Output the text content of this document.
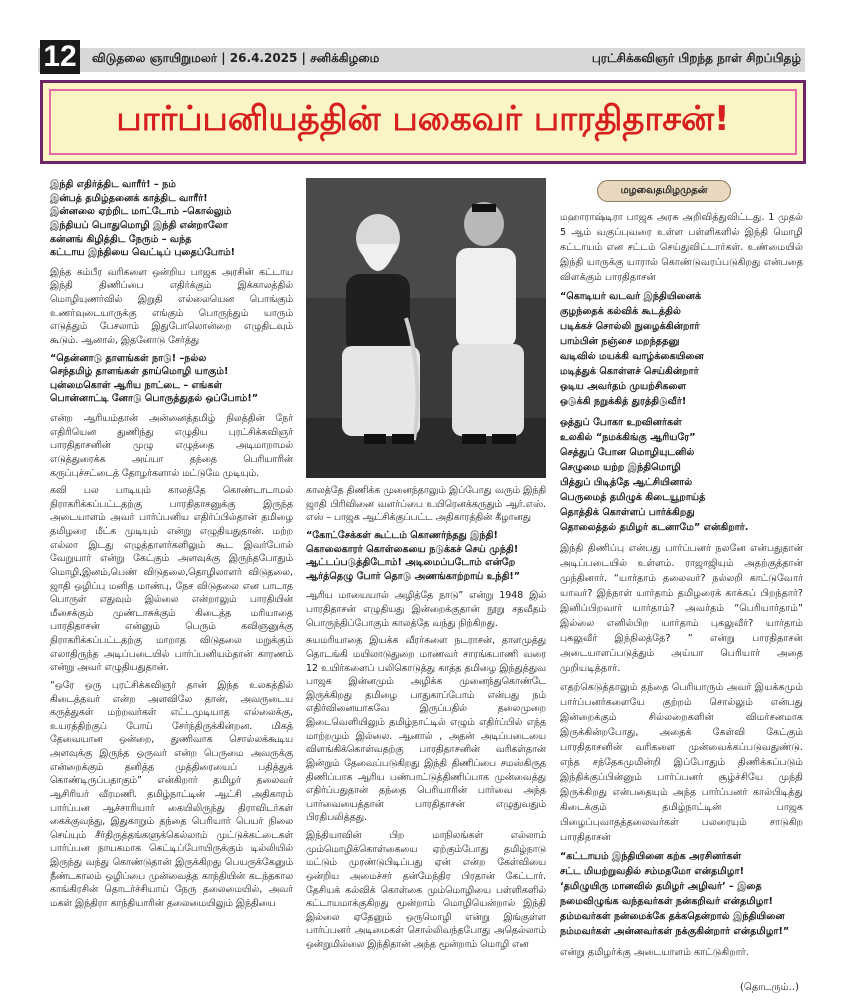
12 விடுதலை ஞாயிறுமலர் | 26.4.2025 | சனிக்கிழமை	புரட்சிக்கவிஞர் பிறந்த நாள் சிறப்பிதழ்
பார்ப்பனியத்தின் பகைவர் பாரதிதாசன்!
இந்தி எதிர்த்திட வாரீர்! – நம்
இன்பத் தமிழ்தனைக் காத்திட வாரீர்!
இன்னலை ஏற்றிட மாட்டோம் –கொல்லும்
இந்தியப் பொதுமொழி இந்தி என்றாலோ
கன்னங் கிழித்திட நேரும் – வந்த
கட்டாய இந்தியை வெட்டிப் புதைப்போம்!

இந்த கம்பீர வரிகளை ஒன்றிய பாஜக அரசின் கட்டாய இந்தி திணிப்பை எதிர்க்கும் இக்காலத்தில் மொழியுணர்வில் இறுதி எல்லையென பொங்கும் உணர்வுடையாருக்கு எங்கும் பொருந்தும் யாரும் எடுத்தும் பேசலாம் இதுபோலொன்றை எழுதிடவும் கூடும். ஆனால், இதனோடு சேர்த்து

“தென்னாடு தாளங்கள் நாடு! –நல்ல
செந்தமிழ் தாளங்கள் தாய்மொழி யாகும்!
புன்மைகொள் ஆரிய நாட்டை – எங்கள்
பொன்னாட்டி னோடு பொருத்துதல் ஒப்போம்!”

என்ற ஆரியம்தான் அன்னைத்தமிழ் நிலத்தின் நேர் எதிரியென துணிந்து எழுதிய புரட்சிக்கவிஞர் பாரதிதாசனின் முழு எழுத்தை அடிமாறாமல் எடுத்துரைக்க அய்யா தந்தை பெரியாரின் கருப்புச்சட்டைத் தோழர்களால் மட்டுமே முடியும்.

கவி பல பாடியும் காலத்தே கொண்டாடாமல் நிராகரிக்கப்பட்டதற்கு பாரதிதாசனுக்கு இருந்த அடையாளம் அவர் பார்ப்பனிய எதிர்ப்பில்தான் தமிழை தமிழரை மீட்க முடியும் என்று எழுதியதுதான். மற்ற எல்லா இடது எழுத்தாளர்களிலும் கூட இவர்போல் வேறுயார் என்று கேட்கும் அளவுக்கு இருந்தபோதும் மொழி,இனம்,பெண் விடுதலை,தொழிலாளர் விடுதலை, ஜாதி ஒழிப்பு மனித மாண்பு, நேச விடுதலை என பாடாத பொருள் எதுவும் இல்லை என்றாலும் பாரதியின் மீசைக்கும் முண்டாசுக்கும் கிடைத்த மரியாதை பாரதிதாசன் என்னும் பெரும் கவிஞனுக்கு நிராகரிக்கப்பட்டதற்கு மாறாத விடுதலை மறுக்கும் எலாதிருந்த அடிப்படையில் பார்ப்பனியம்தான் காரணம் என்று அவர் எழுதியதுதான்.

“ஒரே ஒரு புரட்சிக்கவிஞர் தான் இந்த உலகத்தில் கிடைத்தவர் என்ற அளவிலே தான், அவருடைய கருத்துகள் மற்றவர்கள் எட்டமுடியாத எல்லைக்கு, உயரத்திற்குப் போய் சேர்ந்திருக்கின்றன. மிகத் தேவையான ஒன்றை, துணிவாக சொல்லக்கூடிய அளவுக்கு இருந்த ஒருவர் என்ற பெருமை அவருக்கு என்றைக்கும் தனித்த முத்திரையைப் பதித்துக் கொண்டிருப்பதாகும்” என்கிறார் தமிழர் தலைவர் ஆசிரியர் வீரமணி. தமிழ்நாட்டின் ஆட்சி அதிகாரம் பார்ப்பன ஆச்சாரியார் கையிலிருந்து திராவிடர்கள் கைக்குவந்து, இதுகாறும் தந்தை பெரியார் பெயர் நிலை செய்யும் சீர்திருத்தங்களுக்கெல்லாம் முட்டுக்கட்டைகள் பார்ப்பன நாயகமாக கெட்டிப்போயிருக்கும் டில்லியில் இருந்து வந்து கொண்டுதான் இருக்கிறது பெயருக்கேனும் நீண்டகாலம் ஒழிப்பை முன்வைத்த காந்தியின் கடந்தகால காங்கிரசின் தொடர்ச்சியாய் நேரு தலைமையில், அவர் மகள் இந்திரா காந்தியாரின் தலைமையிலும் இந்தியை

காலத்தே திணிக்க முனைந்தாலும் இப்போது வரும் இந்தி ஜாதி பிரிவினை வளர்ப்பை உயிரெனக்கருதும் ஆர்.எஸ். எஸ் – பாஜக ஆட்சிக்குப்பட்ட அதிகாரத்தின் கீழானது

“கோட்சேக்கள் கூட்டம் கொணர்ந்தது இந்தி!
கொலைகாரர் கொள்கையை நடுக்கச் செய் முந்தி!
ஆட்டப்படுத்திடோம்! அடிமைப்படோம் என்றே
ஆர்த்தெழு போர் தொடு அணங்காற்றாய் உந்தி!”

ஆரிய மாயையால் அழித்தே நாடு” என்று 1948 இல் பாரதிதாசன் எழுதியது இன்றைக்குதான் நூறு சதவீதம் பொருந்திப்போகும் காலத்தே வந்து நிற்கிறது.

சுயமரியாதை இயக்க வீரர்களை நடராசன், தாளமுத்து தொடங்கி மயிலாடுதுறை மாணவர் சாரங்கபாணி வரை 12 உயிர்களைப் பலிகொடுத்து காத்த தமிழை இந்துத்துவ பாஜக இன்னமும் அழிக்க முனைந்துகொண்டே இருக்கிறது தமிழை பாதுகாப்போம் என்பது நம் எதிர்வினையாகவே இருப்பதில் தலைமுறை இடைவெளியிலும் தமிழ்நாட்டில் எழும் எதிர்ப்பில் எந்த மாற்றமும் இல்லை. ஆனால் , அதன் அடிப்படையை விளங்கிக்கொள்வதற்கு பாரதிதாசனின் வரிகள்தான் இன்றும் தேவைப்படுகிறது இந்தி திணிப்பை சமஸ்கிருத திணிப்பாக ஆரிய பண்பாட்டுத்திணிப்பாக முன்வைத்து எதிர்ப்பதுதான் தந்தை பெரியாரின் பார்வை அந்த பார்வையைத்தான் பாரதிதாசன் எழுதுவதும் பிரதிபலித்தது.

இந்தியாவின் பிற மாநிலங்கள் எல்லாம் மும்மொழிக்கொள்கையை ஏற்கும்போது தமிழ்நாடு மட்டும் முரண்டுபிடிப்பது ஏன் என்ற கேள்வியை ஒன்றிய அமைச்சர் தன்மேந்திர பிரதான் கேட்டார். தேசியக் கல்விக் கொள்கை மும்மொழியை பள்ளிகளில் கட்டாயமாக்குகிறது மூன்றாம் மொழியென்றால் இந்தி இல்லை ஏதேனும் ஒருமொழி என்று இங்குள்ள பார்ப்பனர் அடிமைகள் சொல்லிவந்தபோது அதெல்லாம் ஒன்றுமில்லை இந்திதான் அந்த மூன்றாம் மொழி என

மழவைதமிழமுதன்

மஹாராஷ்டிரா பாஜக அரசு அறிவித்துவிட்டது. 1 முதல் 5 ஆம் வகுப்புவரை உள்ள பள்ளிகளில் இந்தி மொழி கட்டாயம் என சட்டம் செய்துவிட்டார்கள். உண்மையில் இந்தி யாருக்கு யாரால் கொண்டுவரப்படுகிறது என்பதை விளக்கும் பாரதிதாசன்

“கொடியர் வடவர் இந்தியினைக்
குழந்தைக் கல்விக் கூடத்தில்
படிக்கச் சொல்லி நுழைக்கின்றார்
பாம்பின் நஞ்சை மறந்ததனு
வடிவில் மயக்கி வாழ்க்கையினை
மடித்துக் கொள்ளச் செய்கின்றார்
ஒடிய அவர்தம் முயற்சிகளை
ஒடுக்கி நறுக்கித் துரத்திடுவீர்!
ஒத்துப் போகா உறவினர்கள்
உலகில் “நமக்கிங்கு ஆரியரே”
செத்துப் போன மொழியுடனில்
செழுமை யற்ற இந்திமொழி
பித்துப் பிடித்தே ஆட்சியினால்
பெருமைத் தமிழுக் கிடையூறாய்த்
தொத்திக் கொள்ளப் பார்க்கிறது
தொலைத்தல் தமிழர் கடனாமே” என்கிறார்.

இந்தி திணிப்பு என்பது பார்ப்பனர் நலனே என்பதுதான் அடிப்படையில் உள்ளம். ராஜாஜியும் அதற்குத்தான் முந்தினார். “யார்தாம் தலைவர்? நல்லறி காட்டுவோர் யாவர்? இந்நாள் யார்தாம் தமிழரைக் காக்கப் பிறந்தார்? இனிப்பிறவார் யார்தாம்? அவர்தம் “பெரியார்தாம்” இல்லை எனில்பிற யார்தாம் புகலுவீர்? யார்தாம் புகலுவீர் இந்நிலத்தே? ” என்று பாரதிதாசன் அடையாளப்படுத்தும் அய்யா பெரியார் அதை முறியடித்தார்.

எதற்கெடுத்தாலும் தந்தை பெரியாரும் அவர் இயக்கமும் பார்ப்பனர்களையே குற்றம் சொல்லும் என்பது இன்றைக்கும் சில்லறைகளின் விமர்சனமாக இருக்கின்றபோது, அதைக் கேள்வி கேட்கும் பாரதிதாசனின் வரிகளை முன்வைக்கப்படுவதுண்டு. எந்த சந்தேகமுமின்றி இப்போதும் திணிக்கப்படும் இந்திக்குப்பின்னும் பார்ப்பனர் சூழ்ச்சியே முந்தி இருக்கிறது என்பதையும் அந்த பார்ப்பனர் கால்பிடித்து கிடைக்கும் தமிழ்நாட்டின் பாஜக பிழைப்புவாதத்தலைவர்கள் பலரையும் சாடுகிற பாரதிதாசன்

“கட்டாயம் இந்தியினை கற்க அரசினர்கள்
சட்ட மியற்றுவதில் சம்மதமோ என்தமிழா!
‘தமிழுயிரு மானவில் தமிழர் அழிவர்’ – இதை
நமைவிழுங்க வந்தவர்கள் நன்கறிவர் என்தமிழா!
தம்மவர்கள் நன்மைக்கே தக்கதென்றால் இந்தியினை
நம்மவர்கள் அன்னவர்கள் நக்குகின்றார் என்தமிழா!”

என்று தமிழர்க்கு அடையாளம் காட்டுகிறார்.

(தொடரும்..)
